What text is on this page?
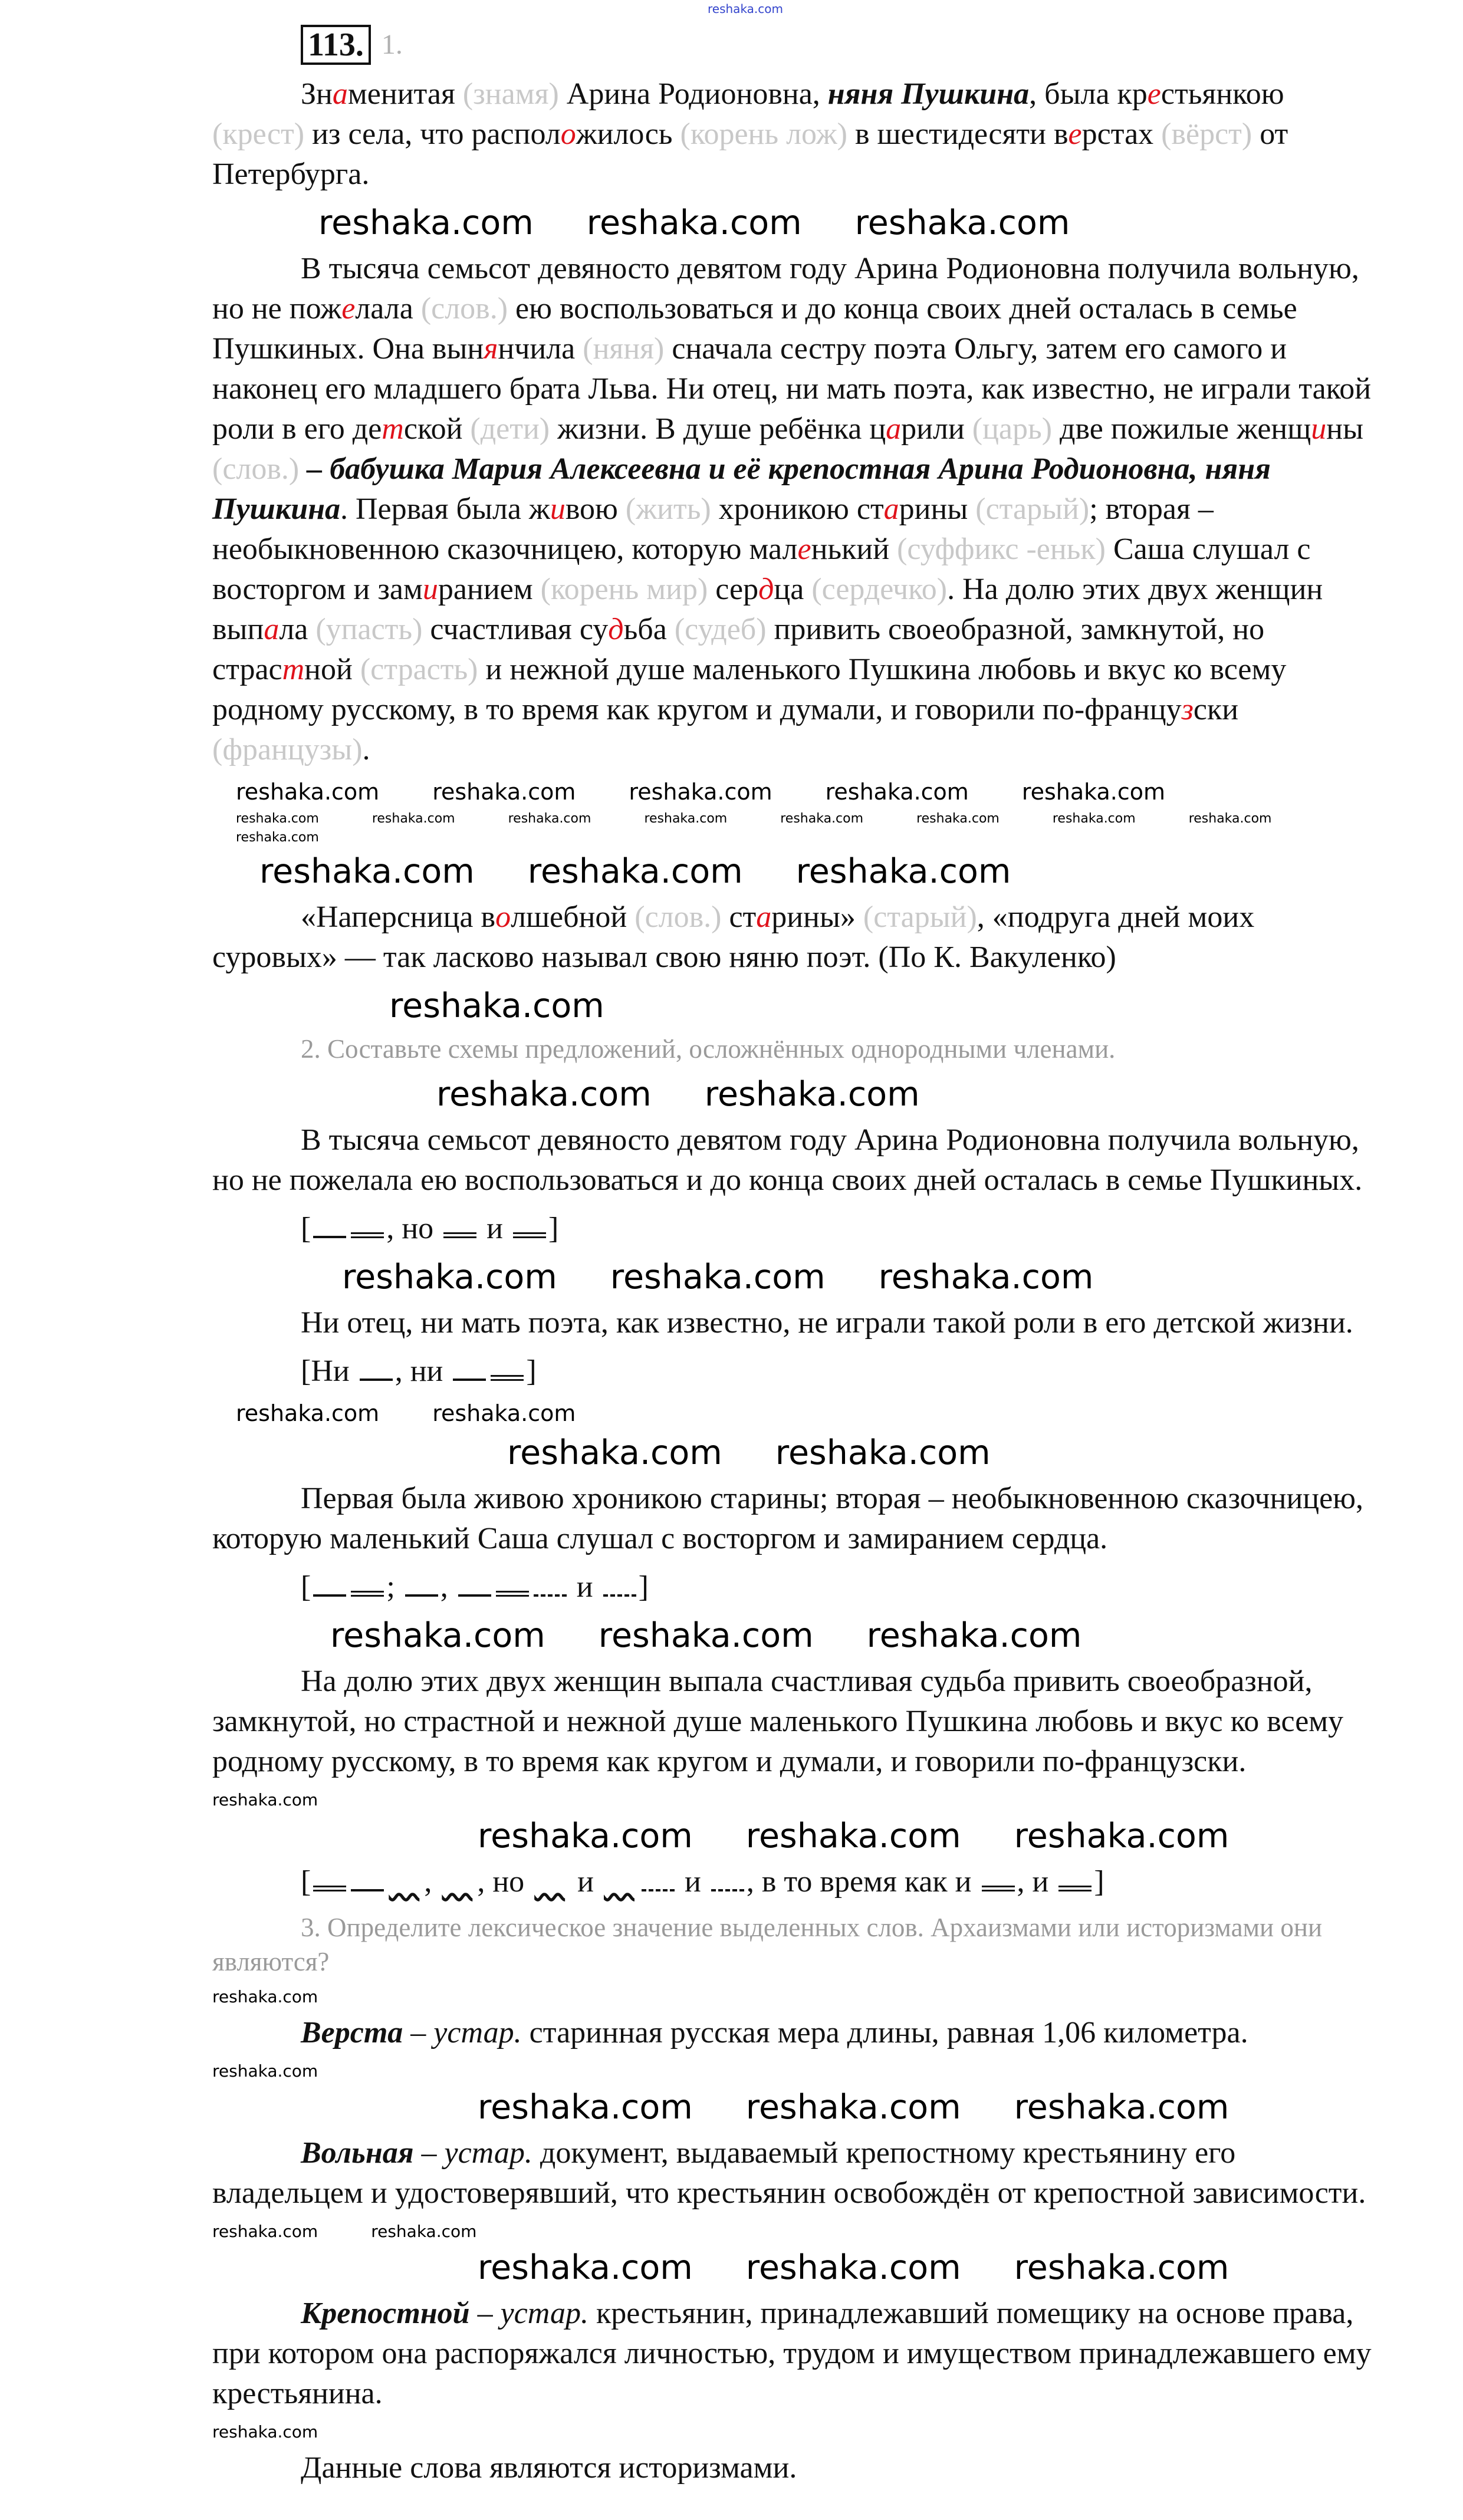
reshaka.com
113. 1.
Знаменитая (знамя) Арина Родионовна, няня Пушкина, была крестьянкою (крест) из села, что расположилось (корень лож) в шестидесяти верстах (вёрст) от Петербурга.
reshaka.com reshaka.com reshaka.com
В тысяча семьсот девяносто девятом году Арина Родионовна получила вольную, но не пожелала (слов.) ею воспользоваться и до конца своих дней осталась в семье Пушкиных. Она вынянчила (няня) сначала сестру поэта Ольгу, затем его самого и наконец его младшего брата Льва. Ни отец, ни мать поэта, как известно, не играли такой роли в его детской (дети) жизни. В душе ребёнка царили (царь) две пожилые женщины (слов.) – бабушка Мария Алексеевна и её крепостная Арина Родионовна, няня Пушкина. Первая была живою (жить) хроникою старины (старый); вторая – необыкновенною сказочницею, которую маленький (суффикс -еньк) Саша слушал с восторгом и замиранием (корень мир) сердца (сердечко). На долю этих двух женщин выпала (упасть) счастливая судьба (судеб) привить своеобразной, замкнутой, но страстной (страсть) и нежной душе маленького Пушкина любовь и вкус ко всему родному русскому, в то время как кругом и думали, и говорили по-французски (французы).
reshaka.com reshaka.com reshaka.com reshaka.com reshaka.com
reshaka.com	reshaka.com	reshaka.com	reshaka.com	reshaka.com	reshaka.com	reshaka.com	reshaka.com
reshaka.com
reshaka.com reshaka.com reshaka.com
«Наперсница волшебной (слов.) старины» (старый), «подруга дней моих суровых» — так ласково называл свою няню поэт. (По К. Вакуленко)
reshaka.com
2. Составьте схемы предложений, осложнённых однородными членами.
reshaka.com reshaka.com
В тысяча семьсот девяносто девятом году Арина Родионовна получила вольную, но не пожелала ею воспользоваться и до конца своих дней осталась в семье Пушкиных.
[ , но  и ]
reshaka.com reshaka.com reshaka.com
Ни отец, ни мать поэта, как известно, не играли такой роли в его детской жизни.
[Ни , ни ]
reshaka.com reshaka.com
reshaka.com reshaka.com
Первая была живою хроникою старины; вторая – необыкновенною сказочницею, которую маленький Саша слушал с восторгом и замиранием сердца.
[ ; ,	и ]
reshaka.com reshaka.com reshaka.com
На долю этих двух женщин выпала счастливая судьба привить своеобразной, замкнутой, но страстной и нежной душе маленького Пушкина любовь и вкус ко всему родному русскому, в то время как кругом и думали, и говорили по-французски.
reshaka.com
reshaka.com reshaka.com reshaka.com
[	,     , но      и      и , в то время как и , и ]
3. Определите лексическое значение выделенных слов. Архаизмами или историзмами они являются?
reshaka.com
Верста – устар. старинная русская мера длины, равная 1,06 километра.
reshaka.com
reshaka.com reshaka.com reshaka.com
Вольная – устар. документ, выдаваемый крепостному крестьянину его владельцем и удостоверявший, что крестьянин освобождён от крепостной зависимости.
reshaka.com	reshaka.com
reshaka.com reshaka.com reshaka.com
Крепостной – устар. крестьянин, принадлежавший помещику на основе права, при котором она распоряжался личностью, трудом и имуществом принадлежавшего ему крестьянина.
reshaka.com
Данные слова являются историзмами.
